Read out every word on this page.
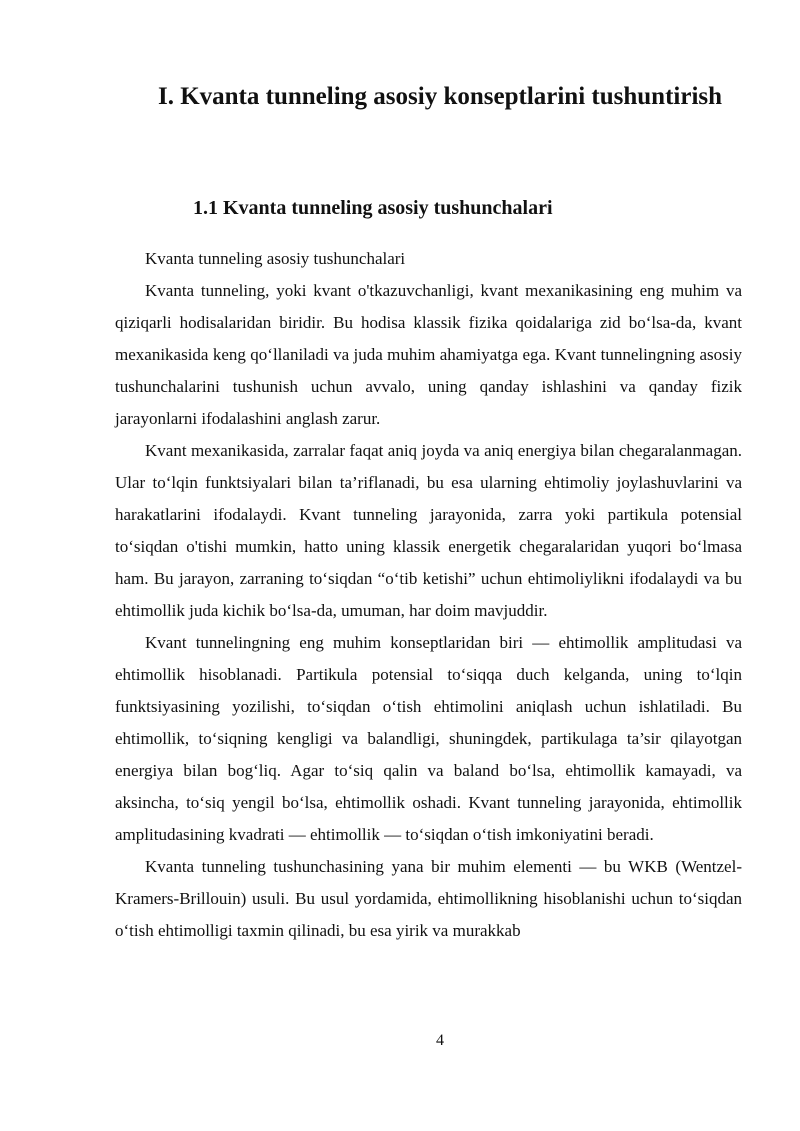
I. Kvanta tunneling asosiy konseptlarini tushuntirish
1.1 Kvanta tunneling asosiy tushunchalari

Kvanta tunneling asosiy tushunchalari

Kvanta tunneling, yoki kvant o'tkazuvchanligi, kvant mexanikasining eng muhim va qiziqarli hodisalaridan biridir. Bu hodisa klassik fizika qoidalariga zid bo‘lsa-da, kvant mexanikasida keng qo‘llaniladi va juda muhim ahamiyatga ega. Kvant tunnelingning asosiy tushunchalarini tushunish uchun avvalo, uning qanday ishlashini va qanday fizik jarayonlarni ifodalashini anglash zarur.

Kvant mexanikasida, zarralar faqat aniq joyda va aniq energiya bilan chegaralanmagan. Ular to‘lqin funktsiyalari bilan ta’riflanadi, bu esa ularning ehtimoliy joylashuvlarini va harakatlarini ifodalaydi. Kvant tunneling jarayonida, zarra yoki partikula potensial to‘siqdan o'tishi mumkin, hatto uning klassik energetik chegaralaridan yuqori bo‘lmasa ham. Bu jarayon, zarraning to‘siqdan “o‘tib ketishi” uchun ehtimoliylikni ifodalaydi va bu ehtimollik juda kichik bo‘lsa-da, umuman, har doim mavjuddir.

Kvant tunnelingning eng muhim konseptlaridan biri — ehtimollik amplitudasi va ehtimollik hisoblanadi. Partikula potensial to‘siqqa duch kelganda, uning to‘lqin funktsiyasining yozilishi, to‘siqdan o‘tish ehtimolini aniqlash uchun ishlatiladi. Bu ehtimollik, to‘siqning kengligi va balandligi, shuningdek, partikulaga ta’sir qilayotgan energiya bilan bog‘liq. Agar to‘siq qalin va baland bo‘lsa, ehtimollik kamayadi, va aksincha, to‘siq yengil bo‘lsa, ehtimollik oshadi. Kvant tunneling jarayonida, ehtimollik amplitudasining kvadrati — ehtimollik — to‘siqdan o‘tish imkoniyatini beradi.

Kvanta tunneling tushunchasining yana bir muhim elementi — bu WKB (Wentzel-Kramers-Brillouin) usuli. Bu usul yordamida, ehtimollikning hisoblanishi uchun to‘siqdan o‘tish ehtimolligi taxmin qilinadi, bu esa yirik va murakkab

4
